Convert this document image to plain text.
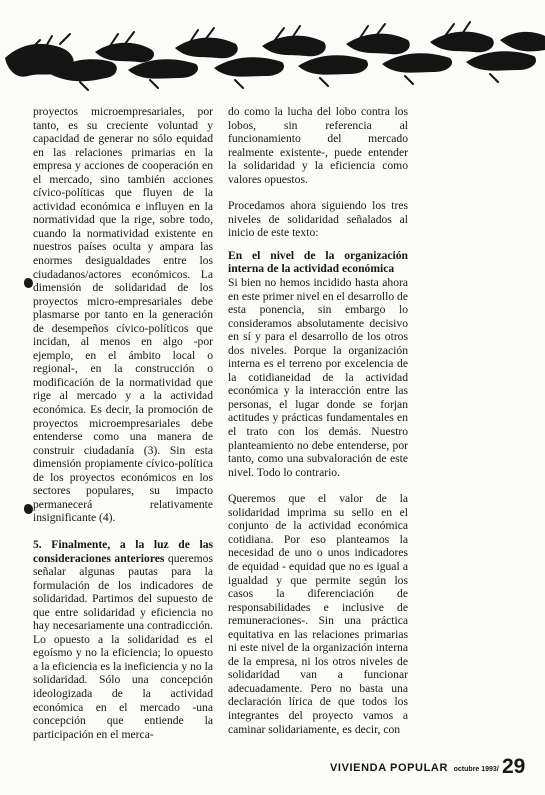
proyectos microempresariales, por tanto, es su creciente voluntad y capacidad de generar no sólo equidad en las relaciones primarias en la empresa y acciones de cooperación en el mercado, sino también acciones cívico-políticas que fluyen de la actividad económica e influyen en la normatividad que la rige, sobre todo, cuando la normatividad existente en nuestros países oculta y ampara las enormes desigualdades entre los ciudadanos/actores económicos. La dimensión de solidaridad de los proyectos micro-empresariales debe plasmarse por tanto en la generación de desempeños cívico-políticos que incidan, al menos en algo -por ejemplo, en el ámbito local o regional-, en la construcción o modificación de la normatividad que rige al mercado y a la actividad económica. Es decir, la promoción de proyectos microempresariales debe entenderse como una manera de construir ciudadanía (3). Sin esta dimensión propiamente cívico-política de los proyectos económicos en los sectores populares, su impacto permanecerá relativamente insignificante (4).

5. Finalmente, a la luz de las consideraciones anteriores queremos señalar algunas pautas para la formulación de los indicadores de solidaridad. Partimos del supuesto de que entre solidaridad y eficiencia no hay necesariamente una contradicción. Lo opuesto a la solidaridad es el egoísmo y no la eficiencia; lo opuesto a la eficiencia es la ineficiencia y no la solidaridad. Sólo una concepción ideologizada de la actividad económica en el mercado -una concepción que entiende la participación en el merca-

do como la lucha del lobo contra los lobos, sin referencia al funcionamiento del mercado realmente existente-, puede entender la solidaridad y la eficiencia como valores opuestos.

Procedamos ahora siguiendo los tres niveles de solidaridad señalados al inicio de este texto:

En el nivel de la organización interna de la actividad económica

Si bien no hemos incidido hasta ahora en este primer nivel en el desarrollo de esta ponencia, sin embargo lo consideramos absolutamente decisivo en sí y para el desarrollo de los otros dos niveles. Porque la organización interna es el terreno por excelencia de la cotidianeidad de la actividad económica y la interacción entre las personas, el lugar donde se forjan actitudes y prácticas fundamentales en el trato con los demás. Nuestro planteamiento no debe entenderse, por tanto, como una subvaloración de este nivel. Todo lo contrario.

Queremos que el valor de la solidaridad imprima su sello en el conjunto de la actividad económica cotidiana. Por eso planteamos la necesidad de uno o unos indicadores de equidad - equidad que no es igual a igualdad y que permite según los casos la diferenciación de responsabilidades e inclusive de remuneraciones-. Sin una práctica equitativa en las relaciones primarias ni este nivel de la organización interna de la empresa, ni los otros niveles de solidaridad van a funcionar adecuadamente. Pero no basta una declaración lírica de que todos los integrantes del proyecto vamos a caminar solidariamente, es decir, con

VIVIENDA POPULAR octubre 1993/ 29
